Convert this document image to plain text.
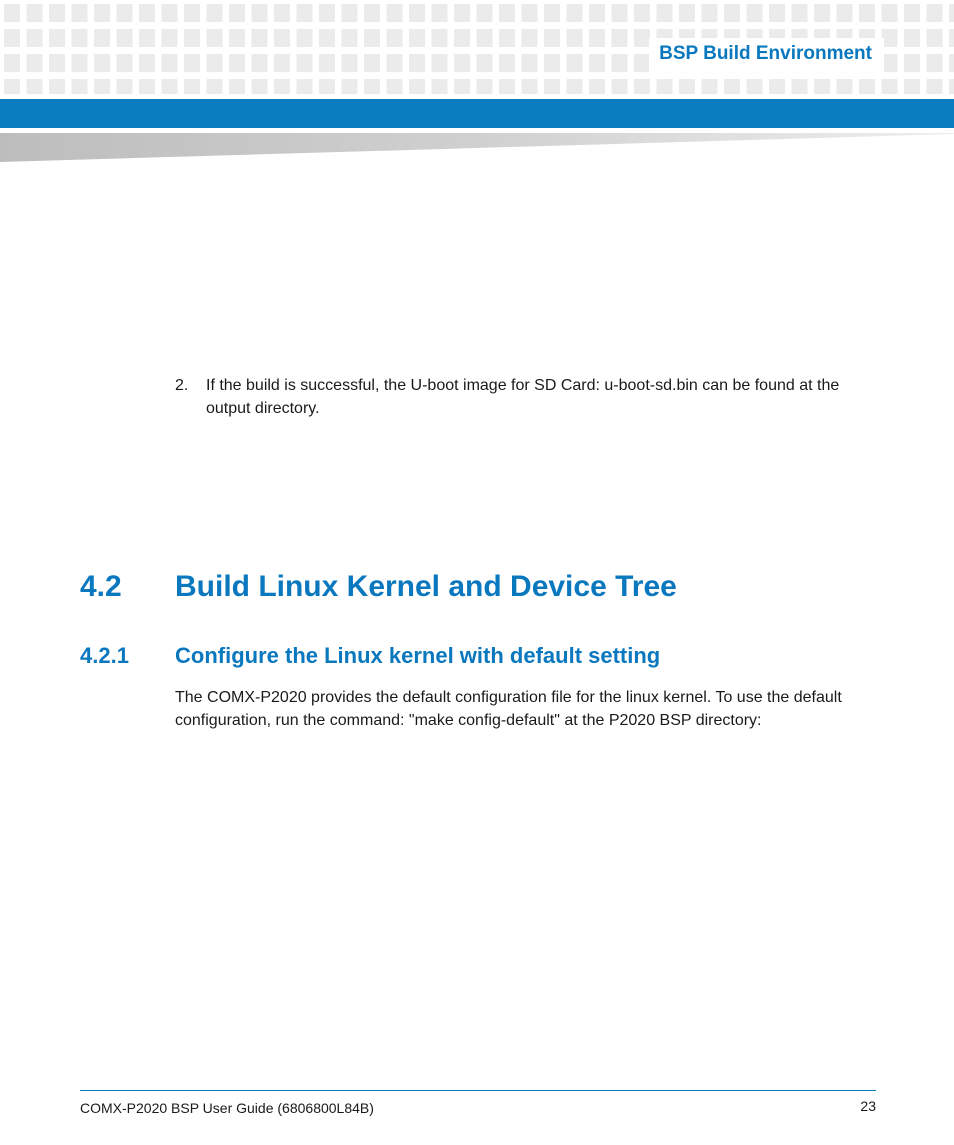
BSP Build Environment
2. If the build is successful, the U-boot image for SD Card: u-boot-sd.bin can be found at the output directory.
4.2 Build Linux Kernel and Device Tree
4.2.1 Configure the Linux kernel with default setting
The COMX-P2020 provides the default configuration file for the linux kernel. To use the default configuration, run the command: "make config-default" at the P2020 BSP directory:
COMX-P2020 BSP User Guide (6806800L84B)	23
